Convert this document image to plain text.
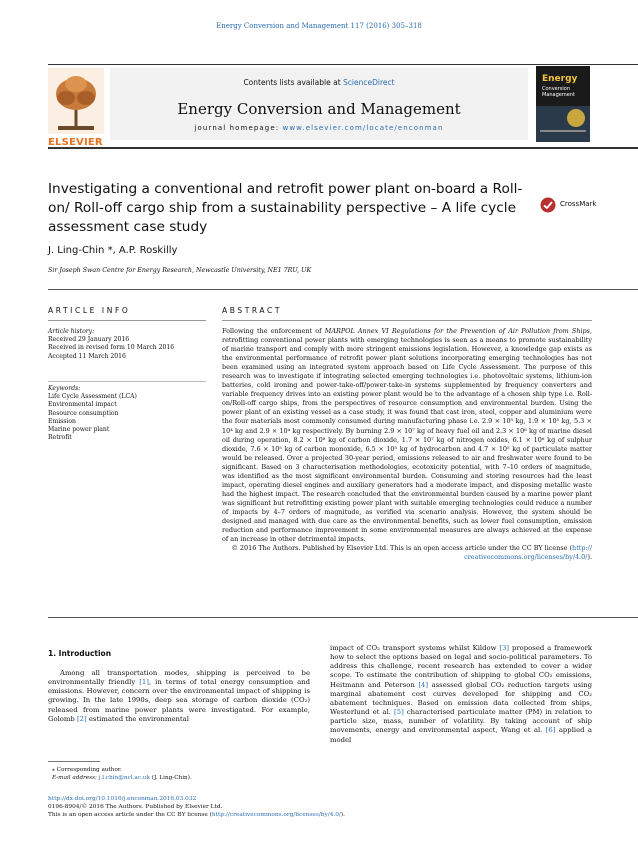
Energy Conversion and Management 117 (2016) 305–318
Contents lists available at ScienceDirect
Energy Conversion and Management
journal homepage: www.elsevier.com/locate/enconman
ELSEVIER
Energy
Conversion
Management
Investigating a conventional and retrofit power plant on-board a Roll-on/ Roll-off cargo ship from a sustainability perspective – A life cycle assessment case study
CrossMark
J. Ling-Chin *, A.P. Roskilly
Sir Joseph Swan Centre for Energy Research, Newcastle University, NE1 7RU, UK
ARTICLE INFO	ABSTRACT
Article history:
Received 29 January 2016
Received in revised form 10 March 2016
Accepted 11 March 2016
Keywords:
Life Cycle Assessment (LCA)
Environmental impact
Resource consumption
Emission
Marine power plant
Retrofit

Following the enforcement of MARPOL Annex VI Regulations for the Prevention of Air Pollution from Ships, retrofitting conventional power plants with emerging technologies is seen as a means to promote sustainability of marine transport and comply with more stringent emissions legislation. However, a knowledge gap exists as the environmental performance of retrofit power plant solutions incorporating emerging technologies has not been examined using an integrated system approach based on Life Cycle Assessment. The purpose of this research was to investigate if integrating selected emerging technologies i.e. photovoltaic systems, lithium-ion batteries, cold ironing and power-take-off/power-take-in systems supplemented by frequency converters and variable frequency drives into an existing power plant would be to the advantage of a chosen ship type i.e. Roll-on/Roll-off cargo ships, from the perspectives of resource consumption and environmental burden. Using the power plant of an existing vessel as a case study, it was found that cast iron, steel, copper and aluminium were the four materials most commonly consumed during manufacturing phase i.e. 2.9 × 10⁵ kg, 1.9 × 10⁵ kg, 5.3 × 10⁴ kg and 2.9 × 10⁴ kg respectively. By burning 2.9 × 10⁷ kg of heavy fuel oil and 2.3 × 10⁶ kg of marine diesel oil during operation, 8.2 × 10⁸ kg of carbon dioxide, 1.7 × 10⁷ kg of nitrogen oxides, 6.1 × 10⁶ kg of sulphur dioxide, 7.6 × 10⁵ kg of carbon monoxide, 6.5 × 10⁵ kg of hydrocarbon and 4.7 × 10⁵ kg of particulate matter would be released. Over a projected 30-year period, emissions released to air and freshwater were found to be significant. Based on 3 characterisation methodologies, ecotoxicity potential, with 7–10 orders of magnitude, was identified as the most significant environmental burden. Consuming and storing resources had the least impact, operating diesel engines and auxiliary generators had a moderate impact, and disposing metallic waste had the highest impact. The research concluded that the environmental burden caused by a marine power plant was significant but retrofitting existing power plant with suitable emerging technologies could reduce a number of impacts by 4–7 orders of magnitude, as verified via scenario analysis. However, the system should be designed and managed with due care as the environmental benefits, such as lower fuel consumption, emission reduction and performance improvement in some environmental measures are always achieved at the expense of an increase in other detrimental impacts.

© 2016 The Authors. Published by Elsevier Ltd. This is an open access article under the CC BY license (http://
creativecommons.org/licenses/by/4.0/).

1. Introduction
Among all transportation modes, shipping is perceived to be environmentally friendly [1], in terms of total energy consumption and emissions. However, concern over the environmental impact of shipping is growing. In the late 1990s, deep sea storage of carbon dioxide (CO₂) released from marine power plants were investigated. For example, Golomb [2] estimated the environmental
impact of CO₂ transport systems whilst Kildow [3] proposed a framework how to select the options based on legal and socio-political parameters. To address this challenge, recent research has extended to cover a wider scope. To estimate the contribution of shipping to global CO₂ emissions, Heitmann and Peterson [4] assessed global CO₂ reduction targets using marginal abatement cost curves developed for shipping and CO₂ abatement techniques. Based on emission data collected from ships, Westerlund et al. [5] characterised particulate matter (PM) in relation to particle size, mass, number of volatility. By taking account of ship movements, energy and environmental aspect, Wang et al. [6] applied a model
⁎ Corresponding author.
E-mail address: j.l.chin@ncl.ac.uk (J. Ling-Chin).
http://dx.doi.org/10.1016/j.enconman.2016.03.032
0196-8904/© 2016 The Authors. Published by Elsevier Ltd.
This is an open access article under the CC BY license (http://creativecommons.org/licenses/by/4.0/).
